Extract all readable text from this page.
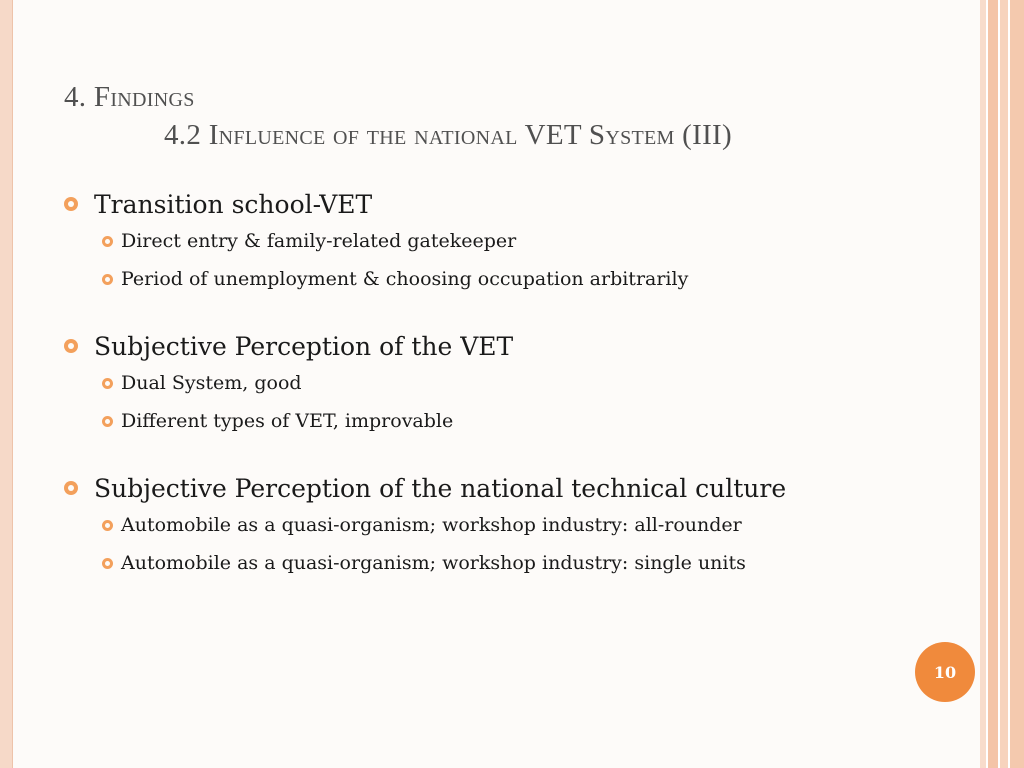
4. Findings
4.2 Influence of the national VET System (III)
Transition school-VET
Direct entry & family-related gatekeeper
Period of unemployment & choosing occupation arbitrarily
Subjective Perception of the VET
Dual System, good
Different types of VET, improvable
Subjective Perception of the national technical culture
Automobile as a quasi-organism; workshop industry: all-rounder
Automobile as a quasi-organism; workshop industry: single units
10
